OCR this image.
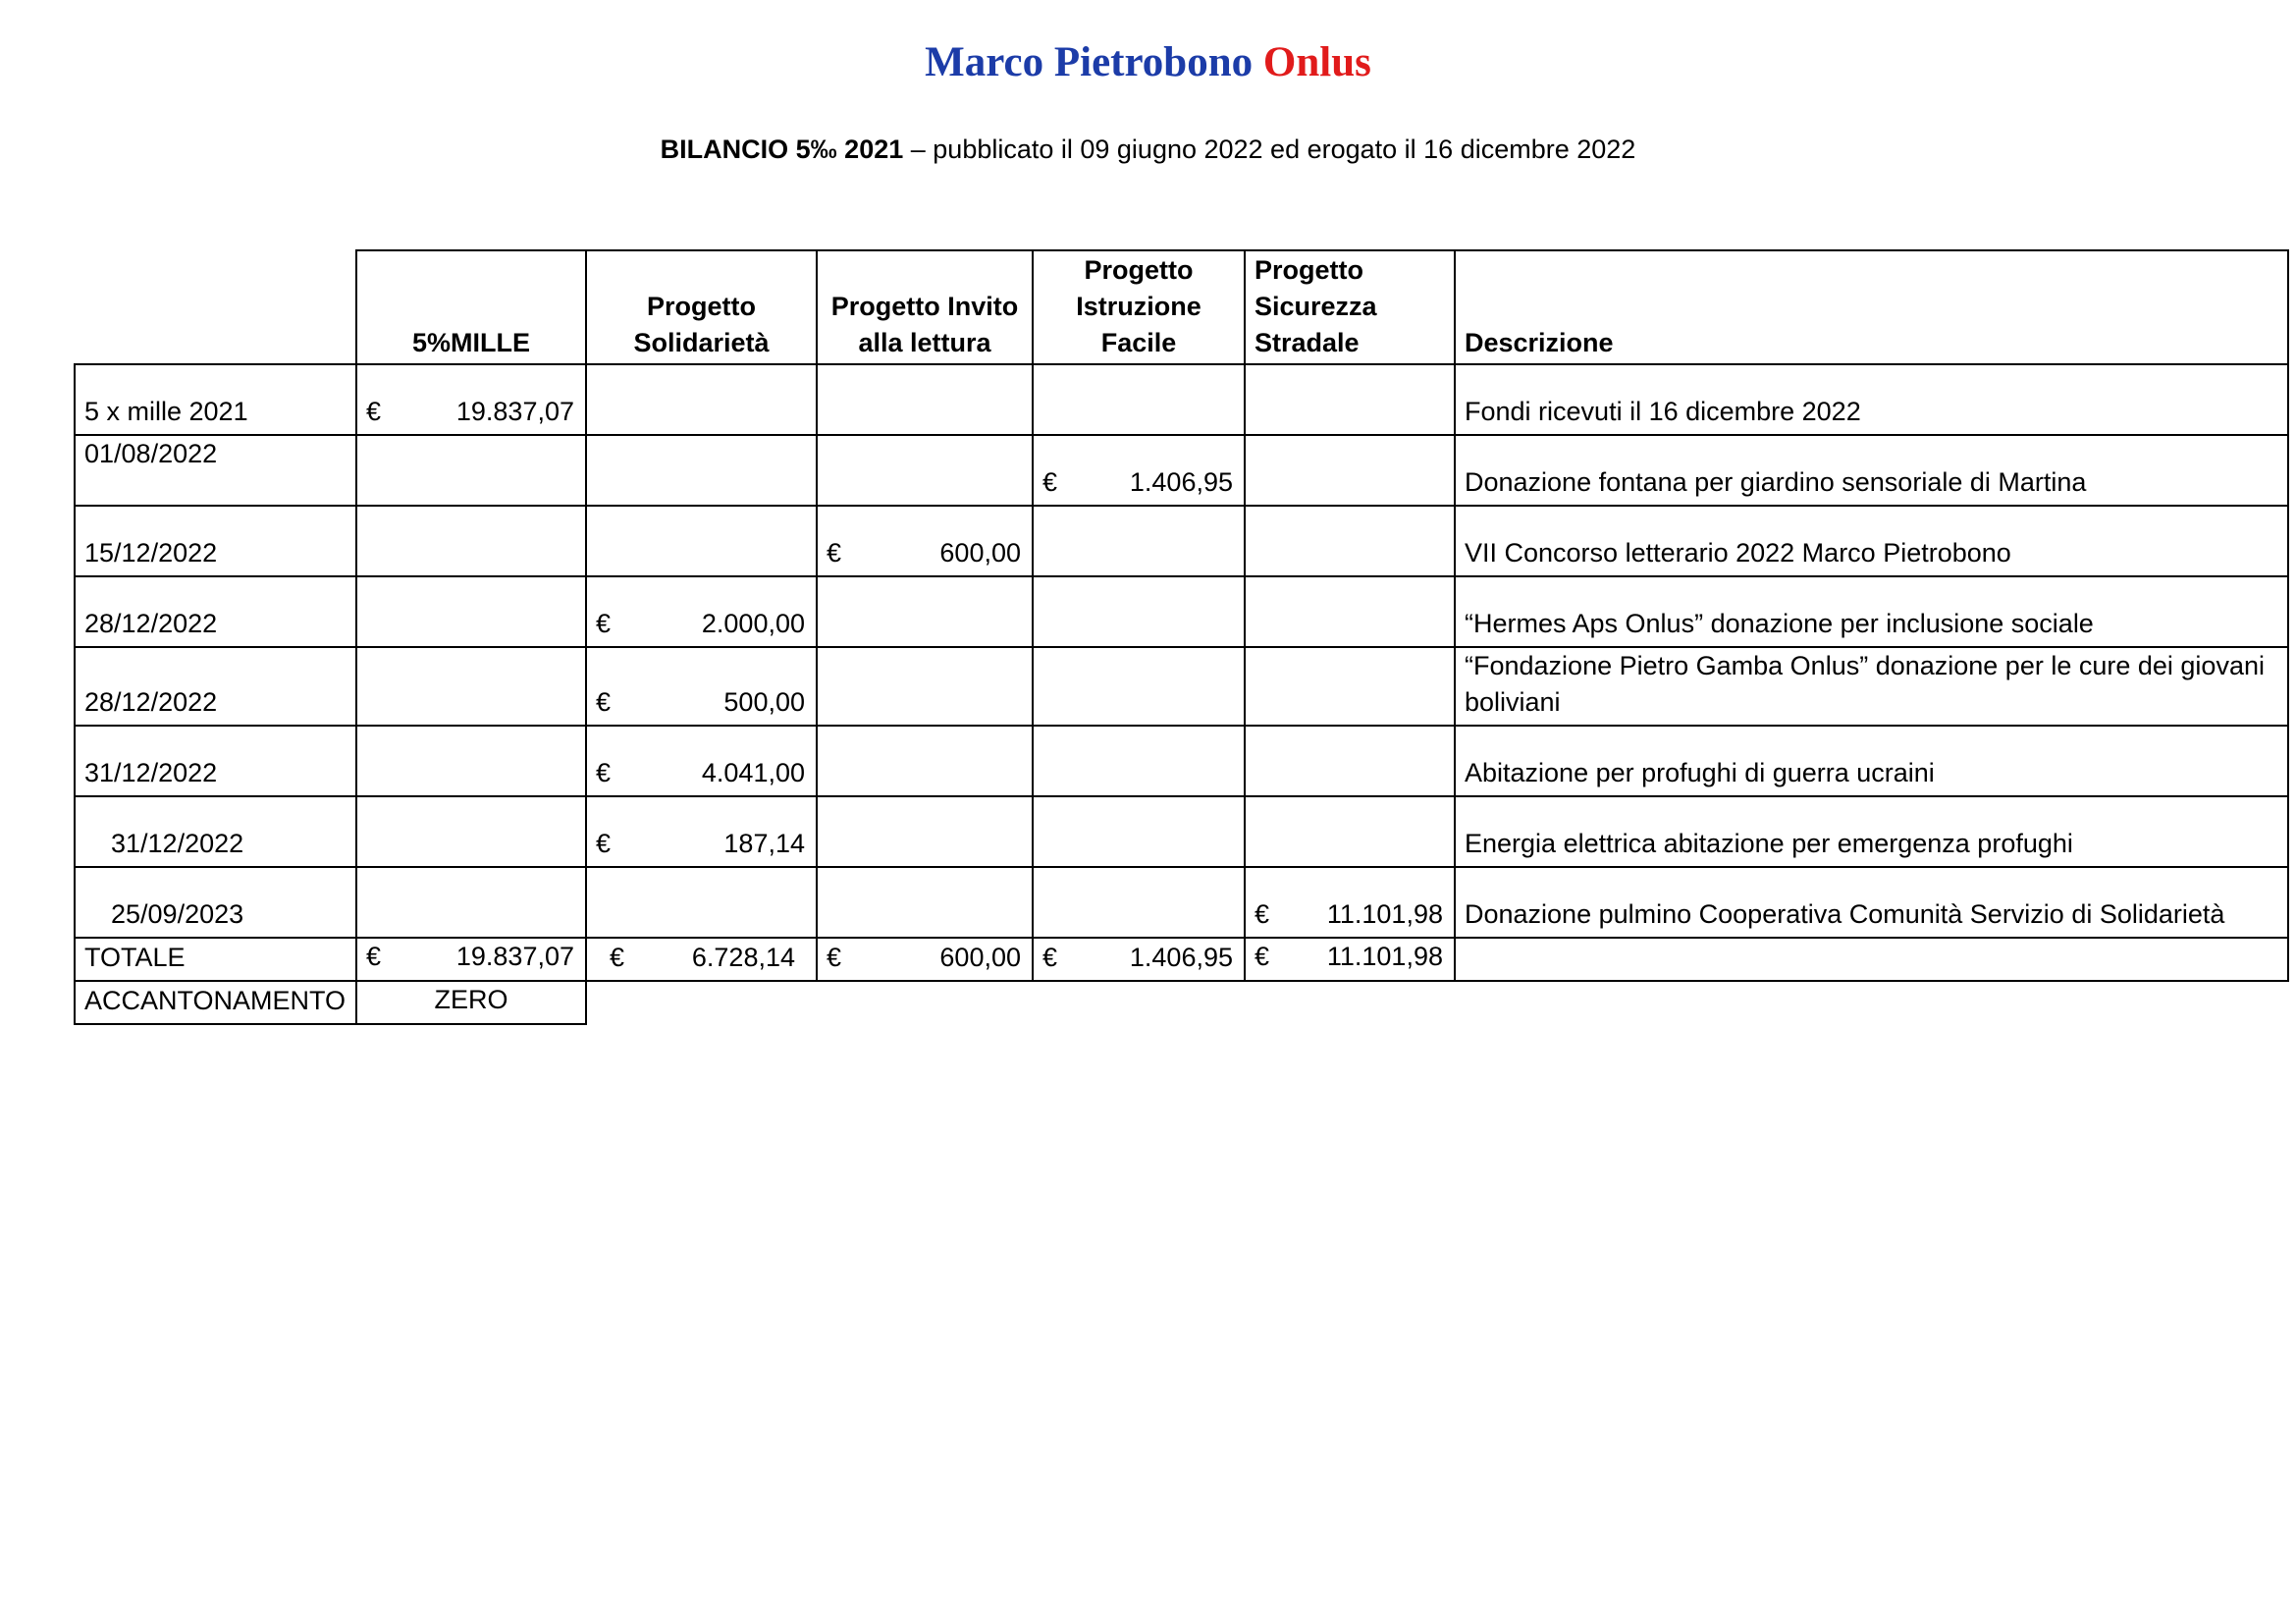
Marco Pietrobono Onlus
BILANCIO 5‰ 2021 – pubblicato il 09 giugno 2022 ed erogato il 16 dicembre 2022
	5%MILLE	Progetto Solidarietà	Progetto Invito alla lettura	Progetto Istruzione Facile	Progetto Sicurezza Stradale	Descrizione
5 x mille 2021	€ 19.837,07					Fondi ricevuti il 16 dicembre 2022
01/08/2022				€ 1.406,95		Donazione fontana per giardino sensoriale di Martina
15/12/2022			€ 600,00			VII Concorso letterario 2022 Marco Pietrobono
28/12/2022		€ 2.000,00				“Hermes Aps Onlus” donazione per inclusione sociale
28/12/2022		€ 500,00				“Fondazione Pietro Gamba Onlus” donazione per le cure dei giovani boliviani
31/12/2022		€ 4.041,00				Abitazione per profughi di guerra ucraini
31/12/2022		€ 187,14				Energia elettrica abitazione per emergenza profughi
25/09/2023					€ 11.101,98	Donazione pulmino Cooperativa Comunità Servizio di Solidarietà
TOTALE	€ 19.837,07	€ 6.728,14	€ 600,00	€ 1.406,95	€ 11.101,98	

ACCANTONAMENTO	ZERO					
